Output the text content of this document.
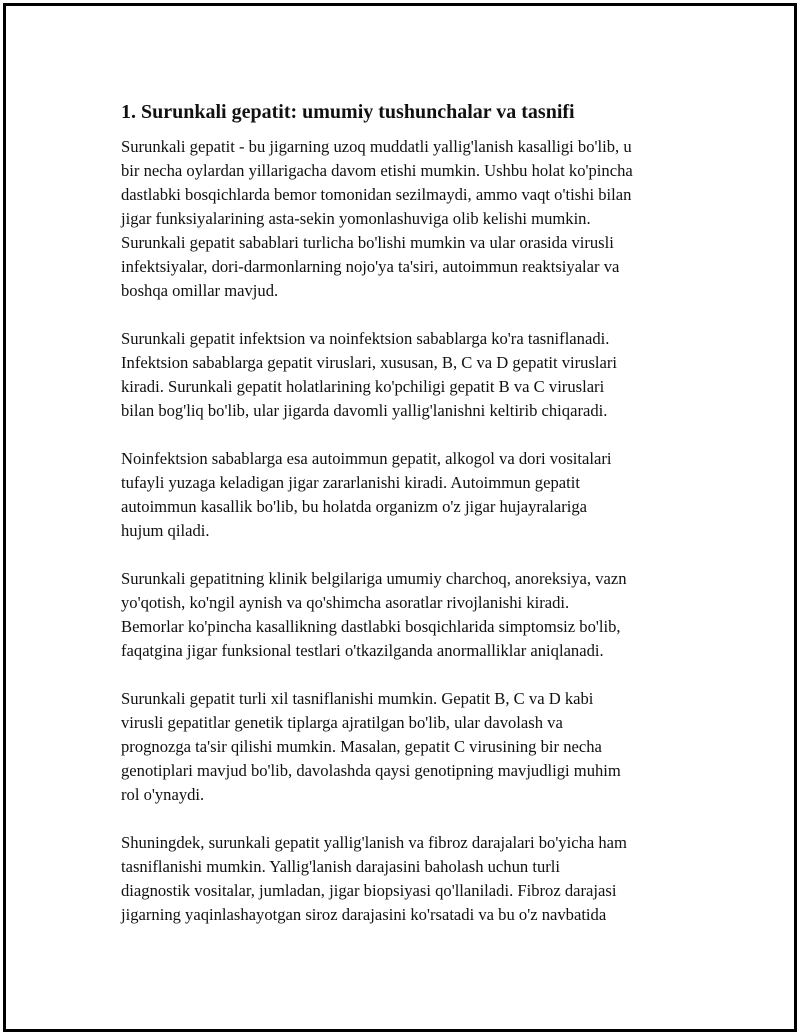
1. Surunkali gepatit: umumiy tushunchalar va tasnifi

Surunkali gepatit - bu jigarning uzoq muddatli yallig'lanish kasalligi bo'lib, u
bir necha oylardan yillarigacha davom etishi mumkin. Ushbu holat ko'pincha
dastlabki bosqichlarda bemor tomonidan sezilmaydi, ammo vaqt o'tishi bilan
jigar funksiyalarining asta-sekin yomonlashuviga olib kelishi mumkin.
Surunkali gepatit sabablari turlicha bo'lishi mumkin va ular orasida virusli
infektsiyalar, dori-darmonlarning nojo'ya ta'siri, autoimmun reaktsiyalar va
boshqa omillar mavjud.

Surunkali gepatit infektsion va noinfektsion sabablarga ko'ra tasniflanadi.
Infektsion sabablarga gepatit viruslari, xususan, B, C va D gepatit viruslari
kiradi. Surunkali gepatit holatlarining ko'pchiligi gepatit B va C viruslari
bilan bog'liq bo'lib, ular jigarda davomli yallig'lanishni keltirib chiqaradi.

Noinfektsion sabablarga esa autoimmun gepatit, alkogol va dori vositalari
tufayli yuzaga keladigan jigar zararlanishi kiradi. Autoimmun gepatit
autoimmun kasallik bo'lib, bu holatda organizm o'z jigar hujayralariga
hujum qiladi.

Surunkali gepatitning klinik belgilariga umumiy charchoq, anoreksiya, vazn
yo'qotish, ko'ngil aynish va qo'shimcha asoratlar rivojlanishi kiradi.
Bemorlar ko'pincha kasallikning dastlabki bosqichlarida simptomsiz bo'lib,
faqatgina jigar funksional testlari o'tkazilganda anormalliklar aniqlanadi.

Surunkali gepatit turli xil tasniflanishi mumkin. Gepatit B, C va D kabi
virusli gepatitlar genetik tiplarga ajratilgan bo'lib, ular davolash va
prognozga ta'sir qilishi mumkin. Masalan, gepatit C virusining bir necha
genotiplari mavjud bo'lib, davolashda qaysi genotipning mavjudligi muhim
rol o'ynaydi.

Shuningdek, surunkali gepatit yallig'lanish va fibroz darajalari bo'yicha ham
tasniflanishi mumkin. Yallig'lanish darajasini baholash uchun turli
diagnostik vositalar, jumladan, jigar biopsiyasi qo'llaniladi. Fibroz darajasi
jigarning yaqinlashayotgan siroz darajasini ko'rsatadi va bu o'z navbatida
